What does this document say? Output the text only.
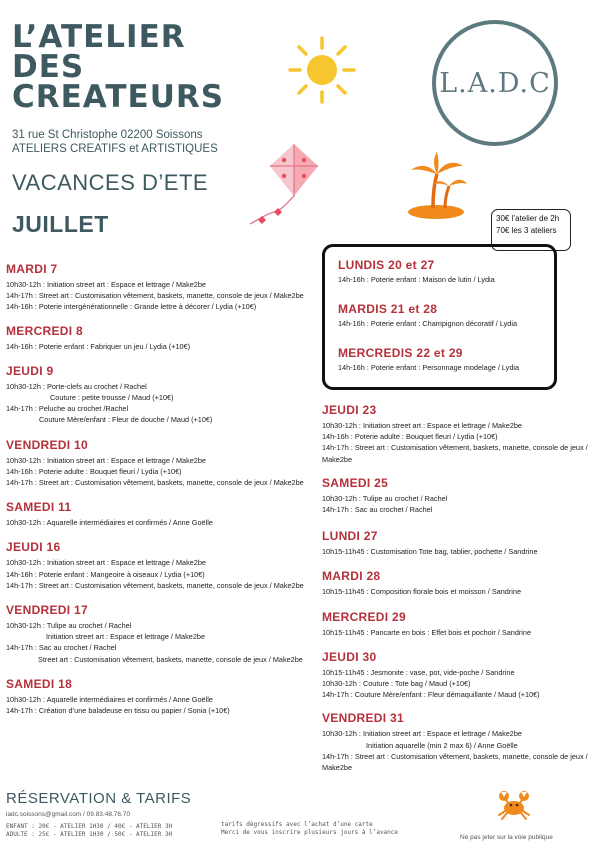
L’ATELIER
DES
CREATEURS
31 rue St Christophe 02200 Soissons
ATELIERS CREATIFS et ARTISTIQUES
VACANCES D’ETE
JUILLET
L.A.D.C
30€ l’atelier de 2h
70€ les 3 ateliers
MARDI 7
10h30-12h : Initiation street art : Espace et lettrage / Make2be
14h-17h : Street art : Customisation vêtement, baskets, manette, console de jeux / Make2be
14h-16h : Poterie intergénérationnelle : Grande lettre à décorer / Lydia (+10€)
MERCREDI 8
14h-16h : Poterie enfant : Fabriquer un jeu / Lydia (+10€)
JEUDI 9
10h30-12h : Porte-clefs au crochet / Rachel
Couture : petite trousse / Maud (+10€)
14h-17h : Peluche au crochet /Rachel
Couture Mère/enfant : Fleur de douche / Maud (+10€)
VENDREDI 10
10h30-12h : Initiation street art : Espace et lettrage / Make2be
14h-16h : Poterie adulte : Bouquet fleuri / Lydia (+10€)
14h-17h : Street art : Customisation vêtement, baskets, manette, console de jeux / Make2be
SAMEDI 11
10h30-12h : Aquarelle intermédiaires et confirmés / Anne Goëlle
JEUDI 16
10h30-12h : Initiation street art : Espace et lettrage / Make2be
14h-16h : Poterie enfant : Mangeoire à oiseaux / Lydia (+10€)
14h-17h : Street art : Customisation vêtement, baskets, manette, console de jeux / Make2be
VENDREDI 17
10h30-12h : Tulipe au crochet / Rachel
Initiation street art : Espace et lettrage / Make2be
14h-17h : Sac au crochet / Rachel
Street art : Customisation vêtement, baskets, manette, console de jeux / Make2be
SAMEDI 18
10h30-12h : Aquarelle intermédiaires et confirmés / Anne Goëlle
14h-17h : Création d’une baladeuse en tissu ou papier / Sonia (+10€)
LUNDIS 20 et 27
14h-16h : Poterie enfant : Maison de lutin / Lydia
MARDIS 21 et 28
14h-16h : Poterie enfant : Champignon décoratif / Lydia
MERCREDIS 22 et 29
14h-16h : Poterie enfant : Personnage modelage / Lydia
JEUDI 23
10h30-12h : Initiation street art : Espace et lettrage / Make2be
14h-16h : Poterie adulte : Bouquet fleuri / Lydia (+10€)
14h-17h : Street art : Customisation vêtement, baskets, manette, console de jeux / Make2be
SAMEDI 25
10h30-12h : Tulipe au crochet / Rachel
14h-17h : Sac au crochet / Rachel
LUNDI 27
10h15-11h45 : Customisation Tote bag, tablier, pochette / Sandrine
MARDI 28
10h15-11h45 : Composition florale bois et moisson / Sandrine
MERCREDI 29
10h15-11h45 : Pancarte en bois : Effet bois et pochoir / Sandrine
JEUDI 30
10h15-11h45 : Jesmonite : vase, pot, vide-poche / Sandrine
10h30-12h : Couture : Tote bag / Maud (+10€)
14h-17h : Couture Mère/enfant : Fleur démaquillante / Maud (+10€)
VENDREDI 31
10h30-12h : Initiation street art : Espace et lettrage / Make2be
Initiation aquarelle (min 2 max 6) / Anne Goëlle
14h-17h : Street art : Customisation vêtement, baskets, manette, console de jeux / Make2be
RÉSERVATION & TARIFS
ladc.soissons@gmail.com / 09.83.48.76.70
ENFANT : 20€ - ATELIER 1H30 / 40€ - ATELIER 3H
ADULTE : 25€ - ATELIER 1H30 / 50€ - ATELIER 3H
tarifs dégressifs avec l’achat d’une carte
Merci de vous inscrire plusieurs jours à l’avance
Ne pas jeter sur la voie publique
